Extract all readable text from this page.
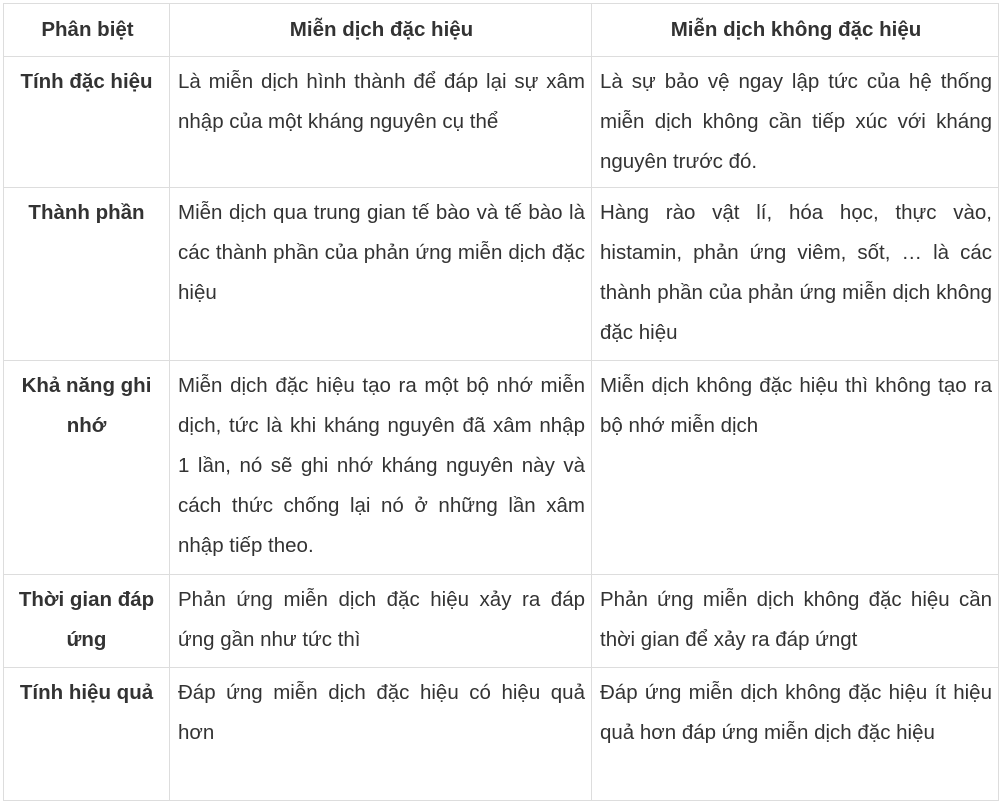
Phân biệt	Miễn dịch đặc hiệu	Miễn dịch không đặc hiệu
Tính đặc hiệu	Là miễn dịch hình thành để đáp lại sự xâm nhập của một kháng nguyên cụ thể	Là sự bảo vệ ngay lập tức của hệ thống miễn dịch không cần tiếp xúc với kháng nguyên trước đó.
Thành phần	Miễn dịch qua trung gian tế bào và tế bào là các thành phần của phản ứng miễn dịch đặc hiệu	Hàng rào vật lí, hóa học, thực vào, histamin, phản ứng viêm, sốt, … là các thành phần của phản ứng miễn dịch không đặc hiệu
Khả năng ghi nhớ	Miễn dịch đặc hiệu tạo ra một bộ nhớ miễn dịch, tức là khi kháng nguyên đã xâm nhập 1 lần, nó sẽ ghi nhớ kháng nguyên này và cách thức chống lại nó ở những lần xâm nhập tiếp theo.	Miễn dịch không đặc hiệu thì không tạo ra bộ nhớ miễn dịch
Thời gian đáp ứng	Phản ứng miễn dịch đặc hiệu xảy ra đáp ứng gần như tức thì	Phản ứng miễn dịch không đặc hiệu cần thời gian để xảy ra đáp ứngt
Tính hiệu quả	Đáp ứng miễn dịch đặc hiệu có hiệu quả hơn	Đáp ứng miễn dịch không đặc hiệu ít hiệu quả hơn đáp ứng miễn dịch đặc hiệu
